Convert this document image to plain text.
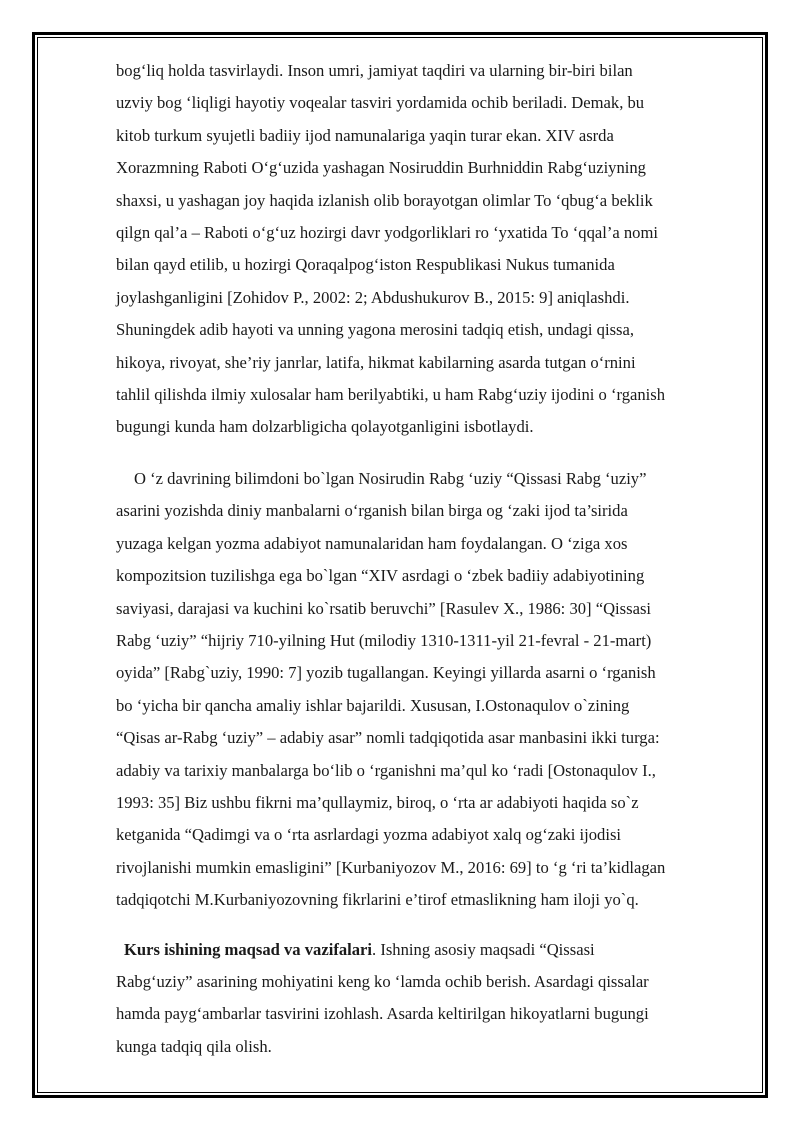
bog‘liq holda tasvirlaydi. Inson umri, jamiyat taqdiri va ularning bir-biri bilan
uzviy bog ‘liqligi hayotiy voqealar tasviri yordamida ochib beriladi. Demak, bu
kitob turkum syujetli badiiy ijod namunalariga yaqin turar ekan. XIV asrda
Xorazmning Raboti O‘g‘uzida yashagan Nosiruddin Burhniddin Rabg‘uziyning
shaxsi, u yashagan joy haqida izlanish olib borayotgan olimlar To ‘qbug‘a beklik
qilgn qal’a – Raboti o‘g‘uz hozirgi davr yodgorliklari ro ‘yxatida To ‘qqal’a nomi
bilan qayd etilib, u hozirgi Qoraqalpog‘iston Respublikasi Nukus tumanida
joylashganligini [Zohidov P., 2002: 2; Abdushukurov B., 2015: 9] aniqlashdi.
Shuningdek adib hayoti va unning yagona merosini tadqiq etish, undagi qissa,
hikoya, rivoyat, she’riy janrlar, latifa, hikmat kabilarning asarda tutgan o‘rnini
tahlil qilishda ilmiy xulosalar ham berilyabtiki, u ham Rabg‘uziy ijodini o ‘rganish
bugungi kunda ham dolzarbligicha qolayotganligini isbotlaydi.

O ‘z davrining bilimdoni bo`lgan Nosirudin Rabg ‘uziy “Qissasi Rabg ‘uziy”
asarini yozishda diniy manbalarni o‘rganish bilan birga og ‘zaki ijod ta’sirida
yuzaga kelgan yozma adabiyot namunalaridan ham foydalangan. O ‘ziga xos
kompozitsion tuzilishga ega bo`lgan “XIV asrdagi o ‘zbek badiiy adabiyotining
saviyasi, darajasi va kuchini ko`rsatib beruvchi” [Rasulev X., 1986: 30] “Qissasi
Rabg ‘uziy” “hijriy 710-yilning Hut (milodiy 1310-1311-yil 21-fevral - 21-mart)
oyida” [Rabg`uziy, 1990: 7] yozib tugallangan. Keyingi yillarda asarni o ‘rganish
bo ‘yicha bir qancha amaliy ishlar bajarildi. Xususan, I.Ostonaqulov o`zining
“Qisas ar-Rabg ‘uziy” – adabiy asar” nomli tadqiqotida asar manbasini ikki turga:
adabiy va tarixiy manbalarga bo‘lib o ‘rganishni ma’qul ko ‘radi [Ostonaqulov I.,
1993: 35] Biz ushbu fikrni ma’qullaymiz, biroq, o ‘rta ar adabiyoti haqida so`z
ketganida “Qadimgi va o ‘rta asrlardagi yozma adabiyot xalq og‘zaki ijodisi
rivojlanishi mumkin emasligini” [Kurbaniyozov M., 2016: 69] to ‘g ‘ri ta’kidlagan
tadqiqotchi M.Kurbaniyozovning fikrlarini e’tirof etmaslikning ham iloji yo`q.

Kurs ishining maqsad va vazifalari. Ishning asosiy maqsadi “Qissasi
Rabg‘uziy” asarining mohiyatini keng ko ‘lamda ochib berish. Asardagi qissalar
hamda payg‘ambarlar tasvirini izohlash. Asarda keltirilgan hikoyatlarni bugungi
kunga tadqiq qila olish.
